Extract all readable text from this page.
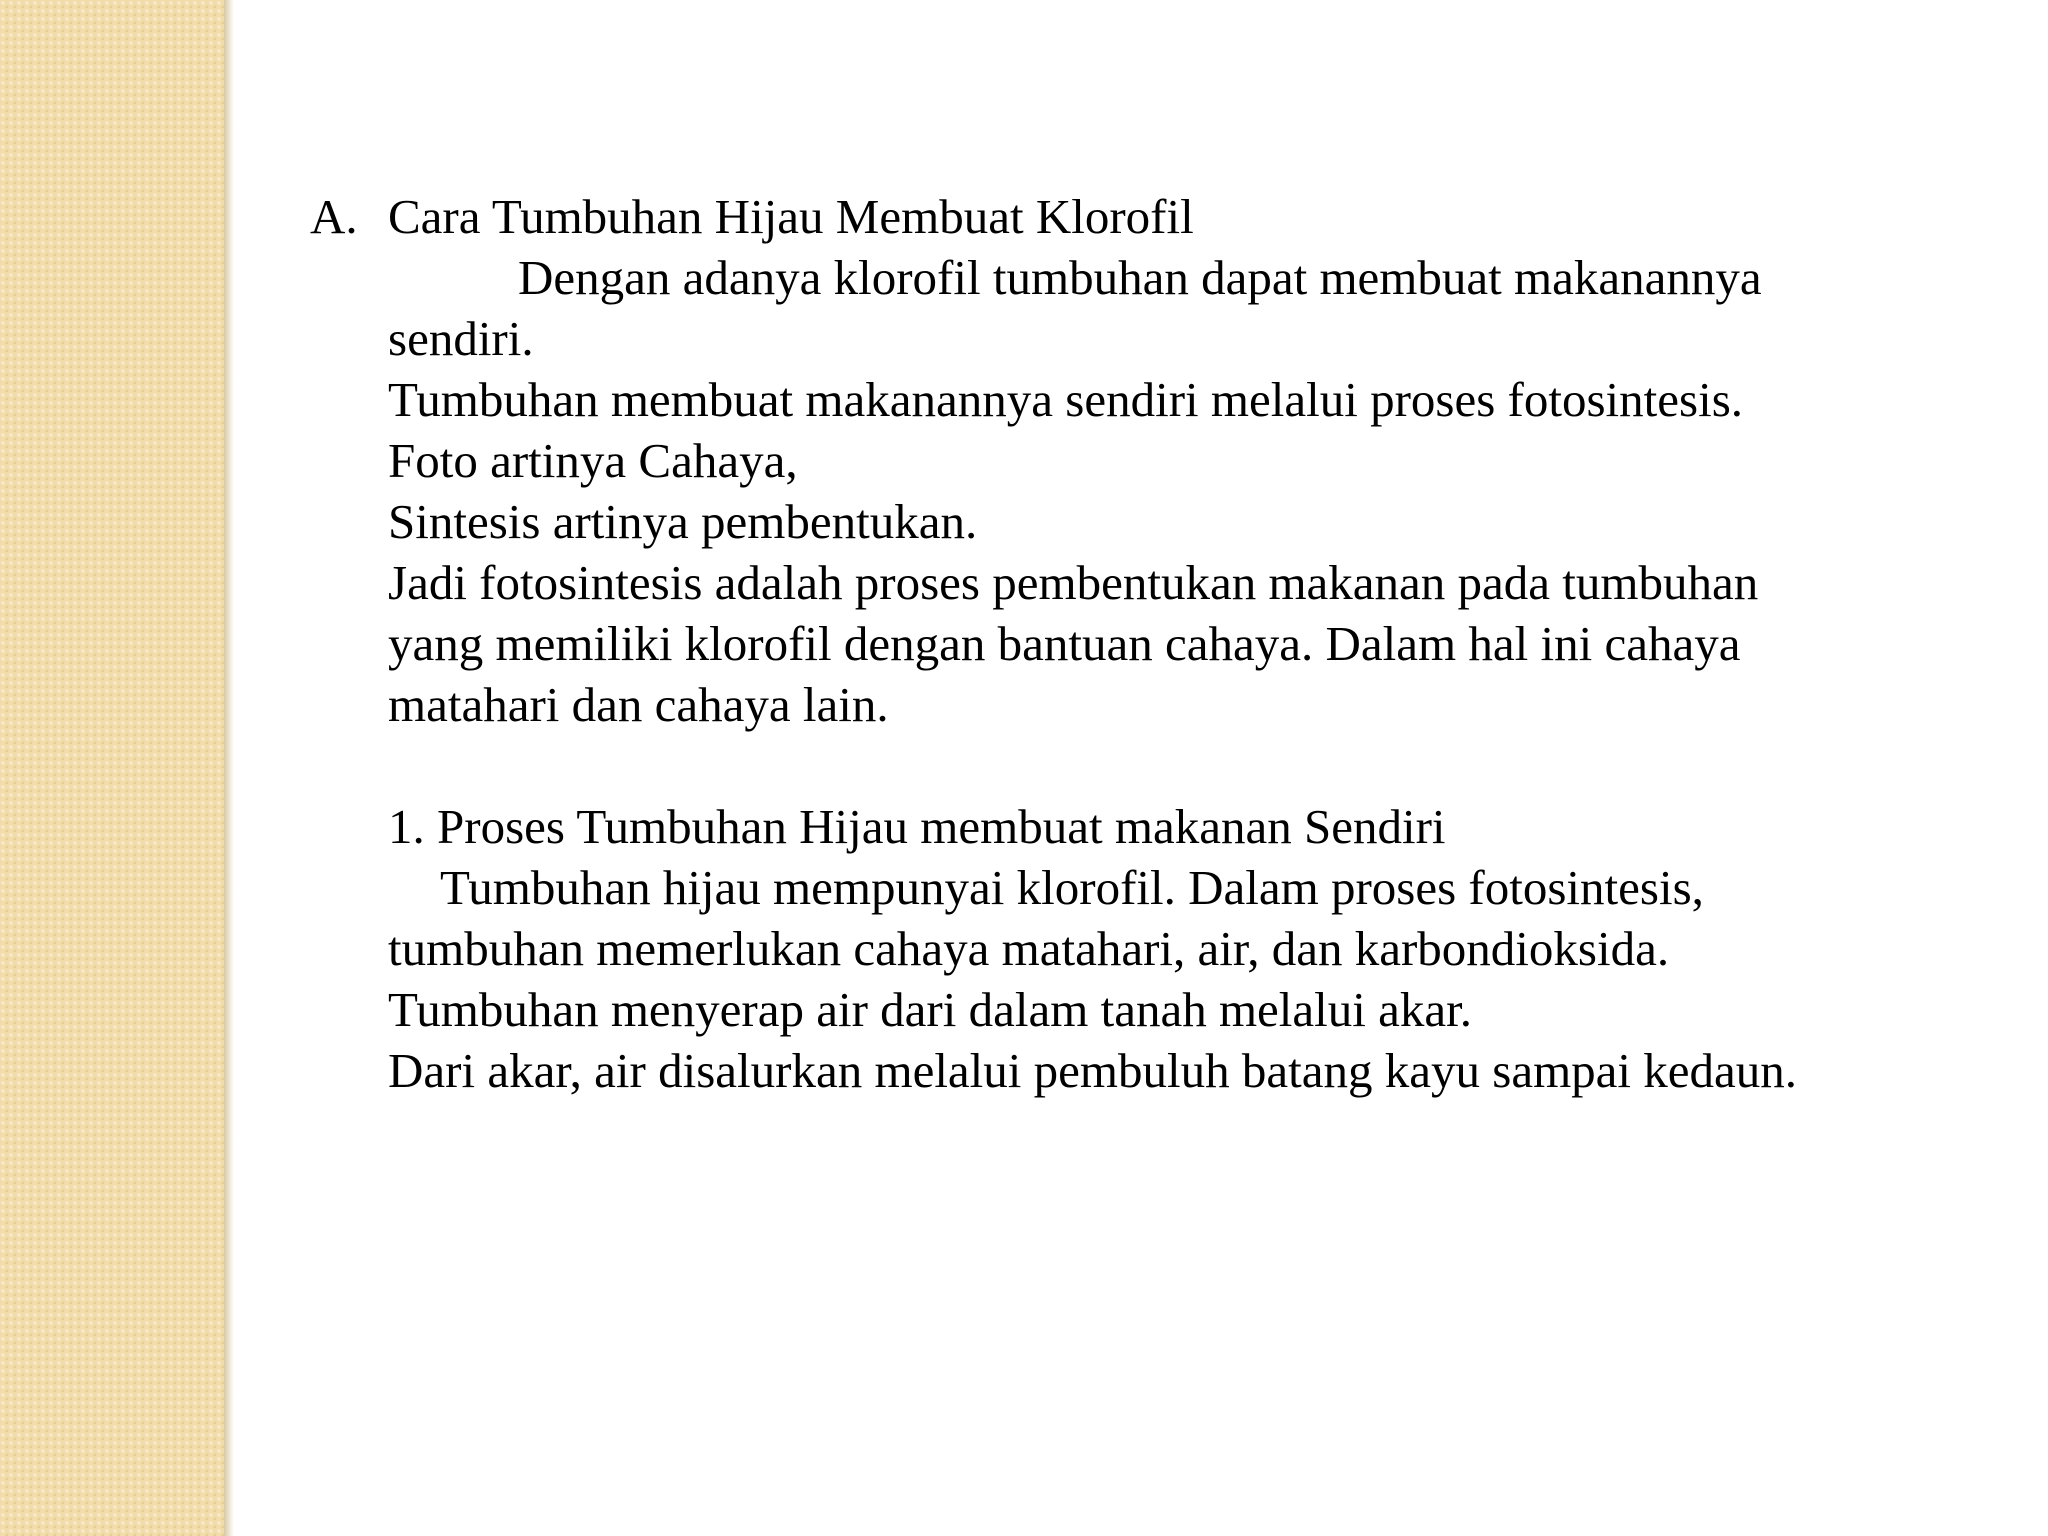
A. Cara Tumbuhan Hijau Membuat Klorofil
Dengan adanya klorofil tumbuhan dapat membuat makanannya
sendiri.
Tumbuhan membuat makanannya sendiri melalui proses fotosintesis.
Foto artinya Cahaya,
Sintesis artinya pembentukan.
Jadi fotosintesis adalah proses pembentukan makanan pada tumbuhan
yang memiliki klorofil dengan bantuan cahaya. Dalam hal ini cahaya
matahari dan cahaya lain.
1. Proses Tumbuhan Hijau membuat makanan Sendiri
Tumbuhan hijau mempunyai klorofil. Dalam proses fotosintesis,
tumbuhan memerlukan cahaya matahari, air, dan karbondioksida.
Tumbuhan menyerap air dari dalam tanah melalui akar.
Dari akar, air disalurkan melalui pembuluh batang kayu sampai kedaun.
